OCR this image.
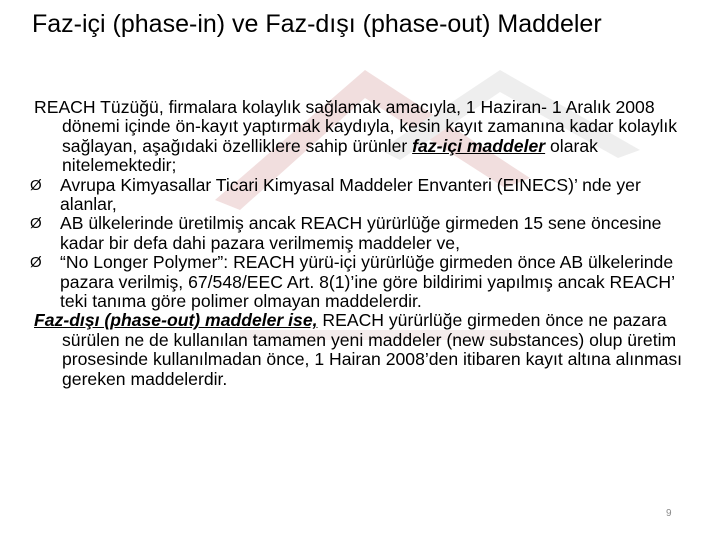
Faz-içi (phase-in) ve Faz-dışı (phase-out) Maddeler

REACH Tüzüğü, firmalara kolaylık sağlamak amacıyla, 1 Haziran- 1 Aralık 2008 dönemi içinde ön-kayıt yaptırmak kaydıyla, kesin kayıt zamanına kadar kolaylık sağlayan, aşağıdaki özelliklere sahip ürünler faz-içi maddeler olarak nitelemektedir;

Ø	Avrupa Kimyasallar Ticari Kimyasal Maddeler Envanteri (EINECS)’ nde yer alanlar,
Ø	AB ülkelerinde üretilmiş ancak REACH yürürlüğe girmeden 15 sene öncesine kadar bir defa dahi pazara verilmemiş maddeler ve,
Ø	“No Longer Polymer”: REACH yürü-içi yürürlüğe girmeden önce AB ülkelerinde pazara verilmiş, 67/548/EEC Art. 8(1)’ine göre bildirimi yapılmış ancak REACH’ teki tanıma göre polimer olmayan maddelerdir.

Faz-dışı (phase-out) maddeler ise, REACH yürürlüğe girmeden önce ne pazara sürülen ne de kullanılan tamamen yeni maddeler (new substances) olup üretim prosesinde kullanılmadan önce, 1 Hairan 2008’den itibaren kayıt altına alınması gereken maddelerdir.

9
